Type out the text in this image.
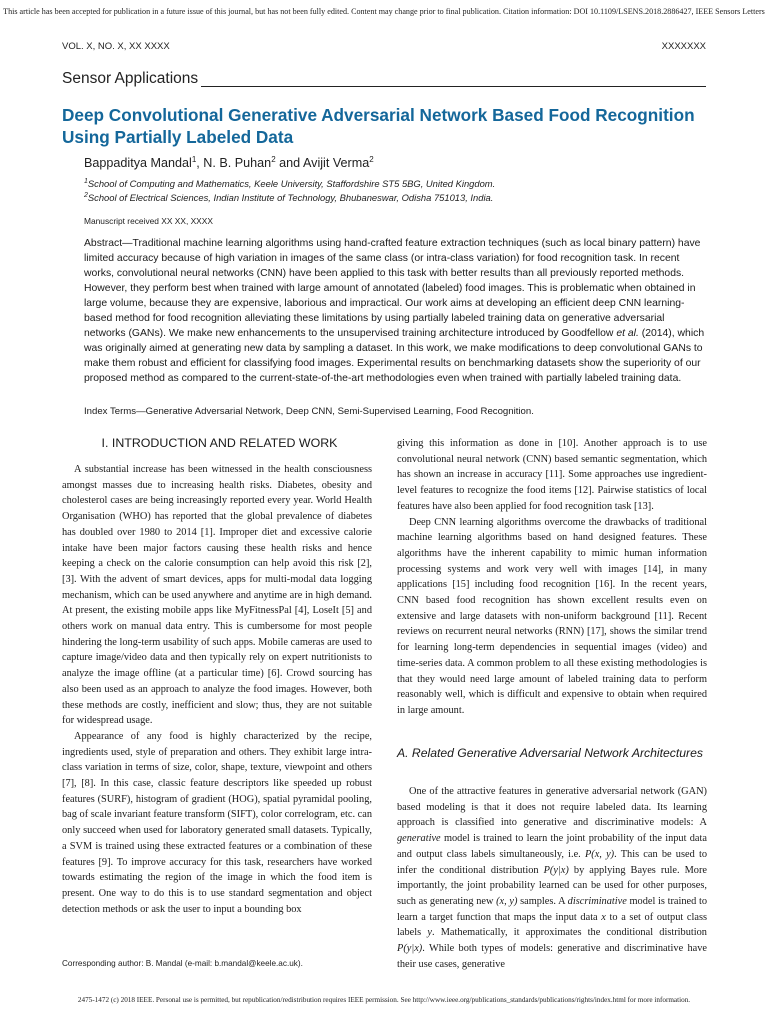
This article has been accepted for publication in a future issue of this journal, but has not been fully edited. Content may change prior to final publication. Citation information: DOI 10.1109/LSENS.2018.2886427, IEEE Sensors Letters
VOL. X, NO. X, XX XXXX	XXXXXXX
Sensor Applications
Deep Convolutional Generative Adversarial Network Based Food Recognition Using Partially Labeled Data
Bappaditya Mandal$^1$, N. B. Puhan$^2$ and Avijit Verma$^2$
$^1$School of Computing and Mathematics, Keele University, Staffordshire ST5 5BG, United Kingdom.
$^2$School of Electrical Sciences, Indian Institute of Technology, Bhubaneswar, Odisha 751013, India.
Manuscript received XX XX, XXXX
Abstract—Traditional machine learning algorithms using hand-crafted feature extraction techniques (such as local binary pattern) have limited accuracy because of high variation in images of the same class (or intra-class variation) for food recognition task. In recent works, convolutional neural networks (CNN) have been applied to this task with better results than all previously reported methods. However, they perform best when trained with large amount of annotated (labeled) food images. This is problematic when obtained in large volume, because they are expensive, laborious and impractical. Our work aims at developing an efficient deep CNN learning-based method for food recognition alleviating these limitations by using partially labeled training data on generative adversarial networks (GANs). We make new enhancements to the unsupervised training architecture introduced by Goodfellow et al. (2014), which was originally aimed at generating new data by sampling a dataset. In this work, we make modifications to deep convolutional GANs to make them robust and efficient for classifying food images. Experimental results on benchmarking datasets show the superiority of our proposed method as compared to the current-state-of-the-art methodologies even when trained with partially labeled training data.
Index Terms—Generative Adversarial Network, Deep CNN, Semi-Supervised Learning, Food Recognition.
I. INTRODUCTION AND RELATED WORK

A substantial increase has been witnessed in the health consciousness amongst masses due to increasing health risks. Diabetes, obesity and cholesterol cases are being increasingly reported every year. World Health Organisation (WHO) has reported that the global prevalence of diabetes has doubled over 1980 to 2014 [1]. Improper diet and excessive calorie intake have been major factors causing these health risks and hence keeping a check on the calorie consumption can help avoid this risk [2], [3]. With the advent of smart devices, apps for multi-modal data logging mechanism, which can be used anywhere and anytime are in high demand. At present, the existing mobile apps like MyFitnessPal [4], LoseIt [5] and others work on manual data entry. This is cumbersome for most people hindering the long-term usability of such apps. Mobile cameras are used to capture image/video data and then typically rely on expert nutritionists to analyze the image offline (at a particular time) [6]. Crowd sourcing has also been used as an approach to analyze the food images. However, both these methods are costly, inefficient and slow; thus, they are not suitable for widespread usage.

Appearance of any food is highly characterized by the recipe, ingredients used, style of preparation and others. They exhibit large intra-class variation in terms of size, color, shape, texture, viewpoint and others [7], [8]. In this case, classic feature descriptors like speeded up robust features (SURF), histogram of gradient (HOG), spatial pyramidal pooling, bag of scale invariant feature transform (SIFT), color correlogram, etc. can only succeed when used for laboratory generated small datasets. Typically, a SVM is trained using these extracted features or a combination of these features [9]. To improve accuracy for this task, researchers have worked towards estimating the region of the image in which the food item is present. One way to do this is to use standard segmentation and object detection methods or ask the user to input a bounding box

giving this information as done in [10]. Another approach is to use convolutional neural network (CNN) based semantic segmentation, which has shown an increase in accuracy [11]. Some approaches use ingredient-level features to recognize the food items [12]. Pairwise statistics of local features have also been applied for food recognition task [13].

Deep CNN learning algorithms overcome the drawbacks of traditional machine learning algorithms based on hand designed features. These algorithms have the inherent capability to mimic human information processing systems and work very well with images [14], in many applications [15] including food recognition [16]. In the recent years, CNN based food recognition has shown excellent results even on extensive and large datasets with non-uniform background [11]. Recent reviews on recurrent neural networks (RNN) [17], shows the similar trend for learning long-term dependencies in sequential images (video) and time-series data. A common problem to all these existing methodologies is that they would need large amount of labeled training data to perform reasonably well, which is difficult and expensive to obtain when required in large amount.

A. Related Generative Adversarial Network Architectures

One of the attractive features in generative adversarial network (GAN) based modeling is that it does not require labeled data. Its learning approach is classified into generative and discriminative models: A generative model is trained to learn the joint probability of the input data and output class labels simultaneously, i.e. P(x, y). This can be used to infer the conditional distribution P(y|x) by applying Bayes rule. More importantly, the joint probability learned can be used for other purposes, such as generating new (x, y) samples. A discriminative model is trained to learn a target function that maps the input data x to a set of output class labels y. Mathematically, it approximates the conditional distribution P(y|x). While both types of models: generative and discriminative have their use cases, generative

Corresponding author: B. Mandal (e-mail: b.mandal@keele.ac.uk).
2475-1472 (c) 2018 IEEE. Personal use is permitted, but republication/redistribution requires IEEE permission. See http://www.ieee.org/publications_standards/publications/rights/index.html for more information.
